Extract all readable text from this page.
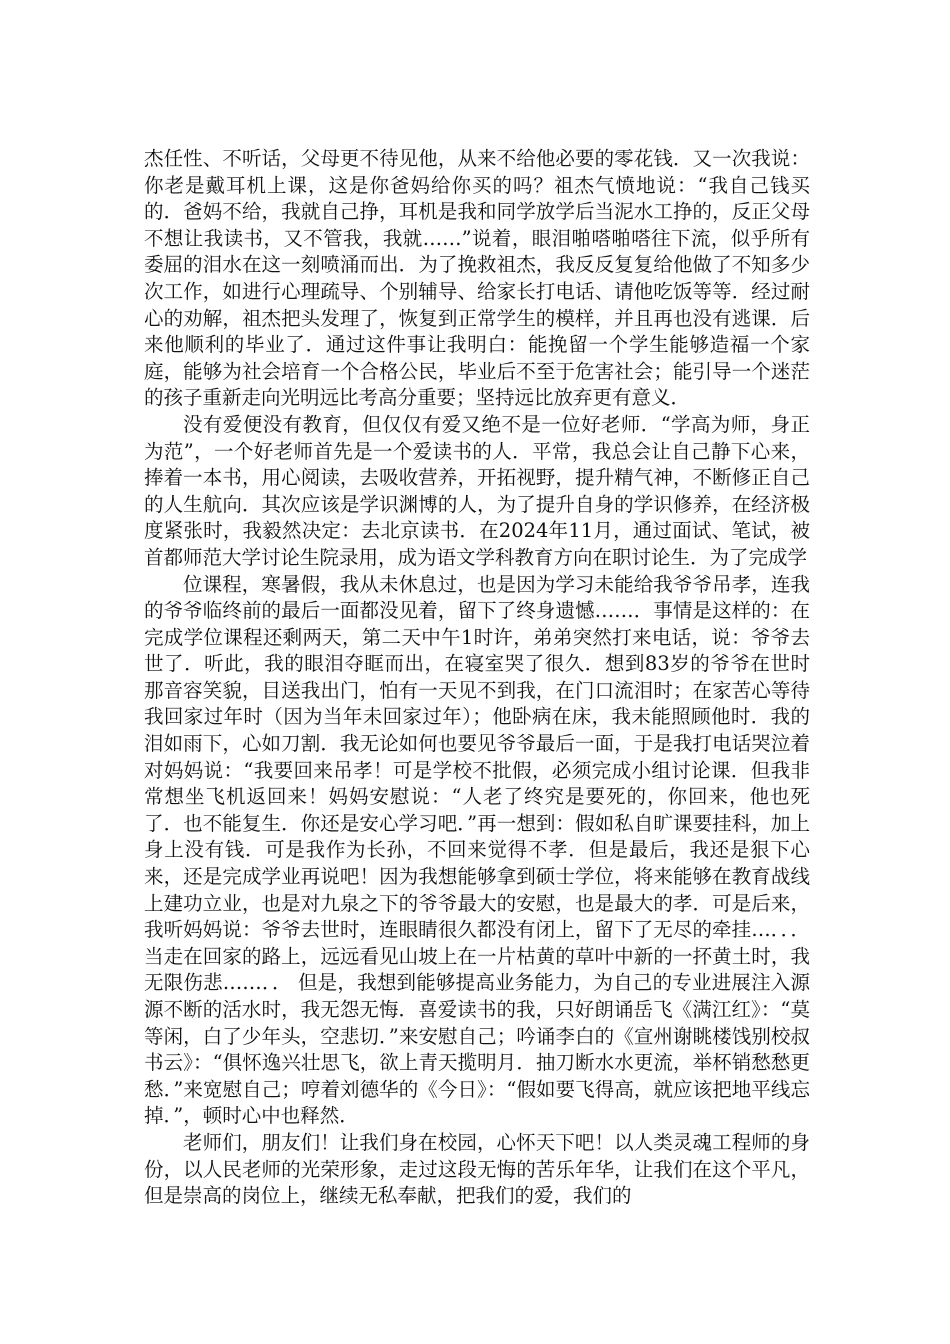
杰任性、不听话，父母更不待见他，从来不给他必要的零花钱．又一次我说：你老是戴耳机上课，这是你爸妈给你买的吗？祖杰气愤地说：“我自己钱买的．爸妈不给，我就自己挣，耳机是我和同学放学后当泥水工挣的，反正父母不想让我读书，又不管我，我就……”说着，眼泪啪嗒啪嗒往下流，似乎所有委屈的泪水在这一刻喷涌而出．为了挽救祖杰，我反反复复给他做了不知多少次工作，如进行心理疏导、个别辅导、给家长打电话、请他吃饭等等．经过耐心的劝解，祖杰把头发理了，恢复到正常学生的模样，并且再也没有逃课．后来他顺利的毕业了．通过这件事让我明白：能挽留一个学生能够造福一个家庭，能够为社会培育一个合格公民，毕业后不至于危害社会；能引导一个迷茫的孩子重新走向光明远比考高分重要；坚持远比放弃更有意义．

没有爱便没有教育，但仅仅有爱又绝不是一位好老师．“学高为师，身正为范”，一个好老师首先是一个爱读书的人．平常，我总会让自己静下心来，捧着一本书，用心阅读，去吸收营养，开拓视野，提升精气神，不断修正自己的人生航向．其次应该是学识渊博的人，为了提升自身的学识修养，在经济极度紧张时，我毅然决定：去北京读书．在2024年11月，通过面试、笔试，被首都师范大学讨论生院录用，成为语文学科教育方向在职讨论生．为了完成学

位课程，寒暑假，我从未休息过，也是因为学习未能给我爷爷吊孝，连我的爷爷临终前的最后一面都没见着，留下了终身遗憾……．事情是这样的：在完成学位课程还剩两天，第二天中午1时许，弟弟突然打来电话，说：爷爷去世了．听此，我的眼泪夺眶而出，在寝室哭了很久．想到83岁的爷爷在世时那音容笑貌，目送我出门，怕有一天见不到我，在门口流泪时；在家苦心等待我回家过年时（因为当年未回家过年）；他卧病在床，我未能照顾他时．我的泪如雨下，心如刀割．我无论如何也要见爷爷最后一面，于是我打电话哭泣着对妈妈说：“我要回来吊孝！可是学校不批假，必须完成小组讨论课．但我非常想坐飞机返回来！妈妈安慰说：“人老了终究是要死的，你回来，他也死了．也不能复生．你还是安心学习吧．”再一想到：假如私自旷课要挂科，加上身上没有钱．可是我作为长孙，不回来觉得不孝．但是最后，我还是狠下心来，还是完成学业再说吧！因为我想能够拿到硕士学位，将来能够在教育战线上建功立业，也是对九泉之下的爷爷最大的安慰，也是最大的孝．可是后来，我听妈妈说：爷爷去世时，连眼睛很久都没有闭上，留下了无尽的牵挂…．．．当走在回家的路上，远远看见山坡上在一片枯黄的草叶中新的一抔黄土时，我无限伤悲……．． 但是，我想到能够提高业务能力，为自己的专业进展注入源源不断的活水时，我无怨无悔．喜爱读书的我，只好朗诵岳飞《满江红》：“莫等闲，白了少年头，空悲切．”来安慰自己；吟诵李白的《宣州谢眺楼饯别校叔书云》：“俱怀逸兴壮思飞，欲上青天揽明月．抽刀断水水更流，举杯销愁愁更愁．”来宽慰自己；哼着刘德华的《今日》：“假如要飞得高，就应该把地平线忘掉．”，顿时心中也释然．

老师们，朋友们！让我们身在校园，心怀天下吧！以人类灵魂工程师的身份，以人民老师的光荣形象，走过这段无悔的苦乐年华，让我们在这个平凡，但是崇高的岗位上，继续无私奉献，把我们的爱，我们的
